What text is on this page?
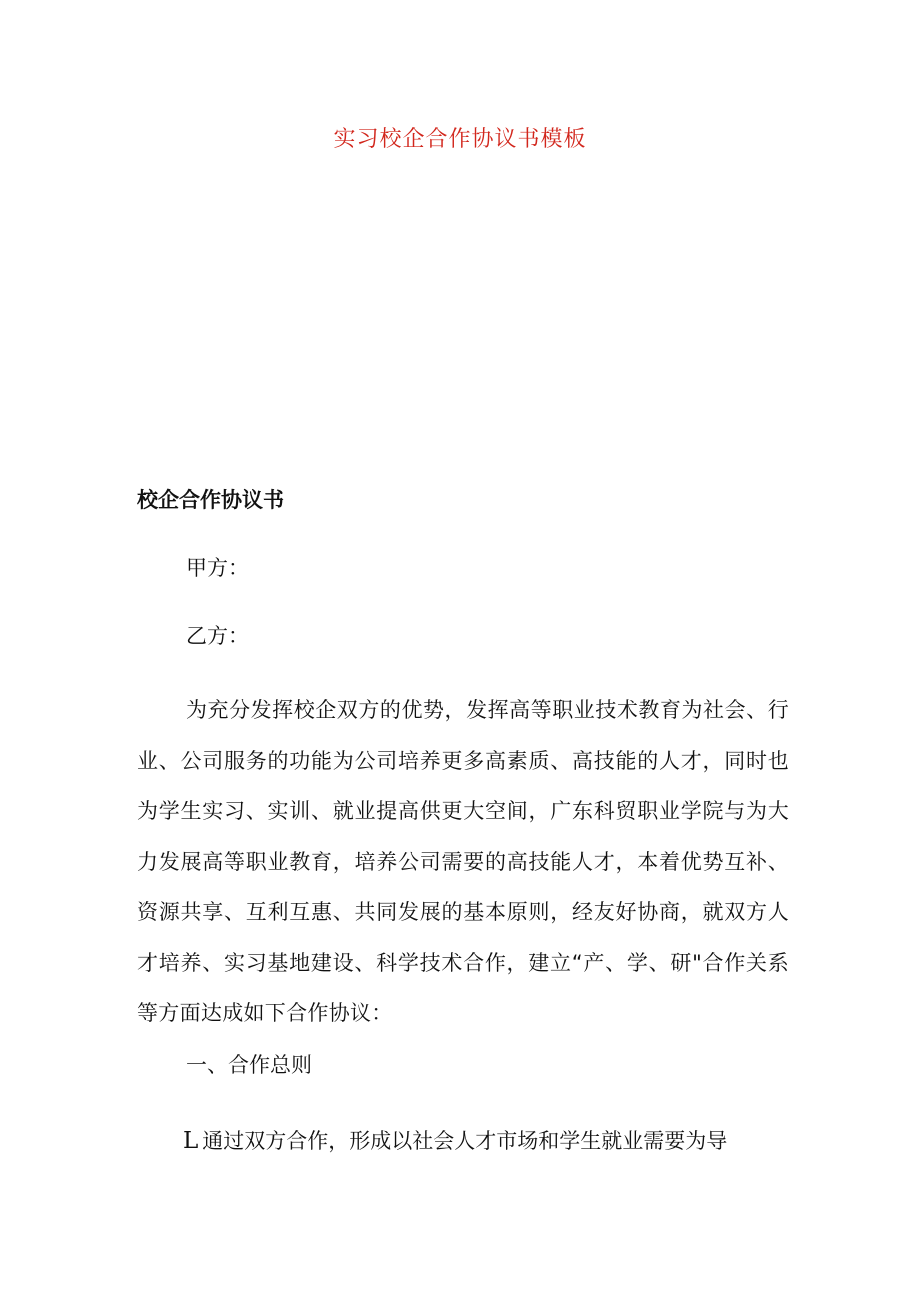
实习校企合作协议书模板
校企合作协议书
甲方：
乙方：

为充分发挥校企双方的优势，发挥高等职业技术教育为社会、行业、公司服务的功能为公司培养更多高素质、高技能的人才，同时也为学生实习、实训、就业提高供更大空间，广东科贸职业学院与为大力发展高等职业教育，培养公司需要的高技能人才，本着优势互补、资源共享、互利互惠、共同发展的基本原则，经友好协商，就双方人才培养、实习基地建设、科学技术合作，建立“产、学、研"合作关系等方面达成如下合作协议：

一、合作总则
L 通过双方合作，形成以社会人才市场和学生就业需要为导
